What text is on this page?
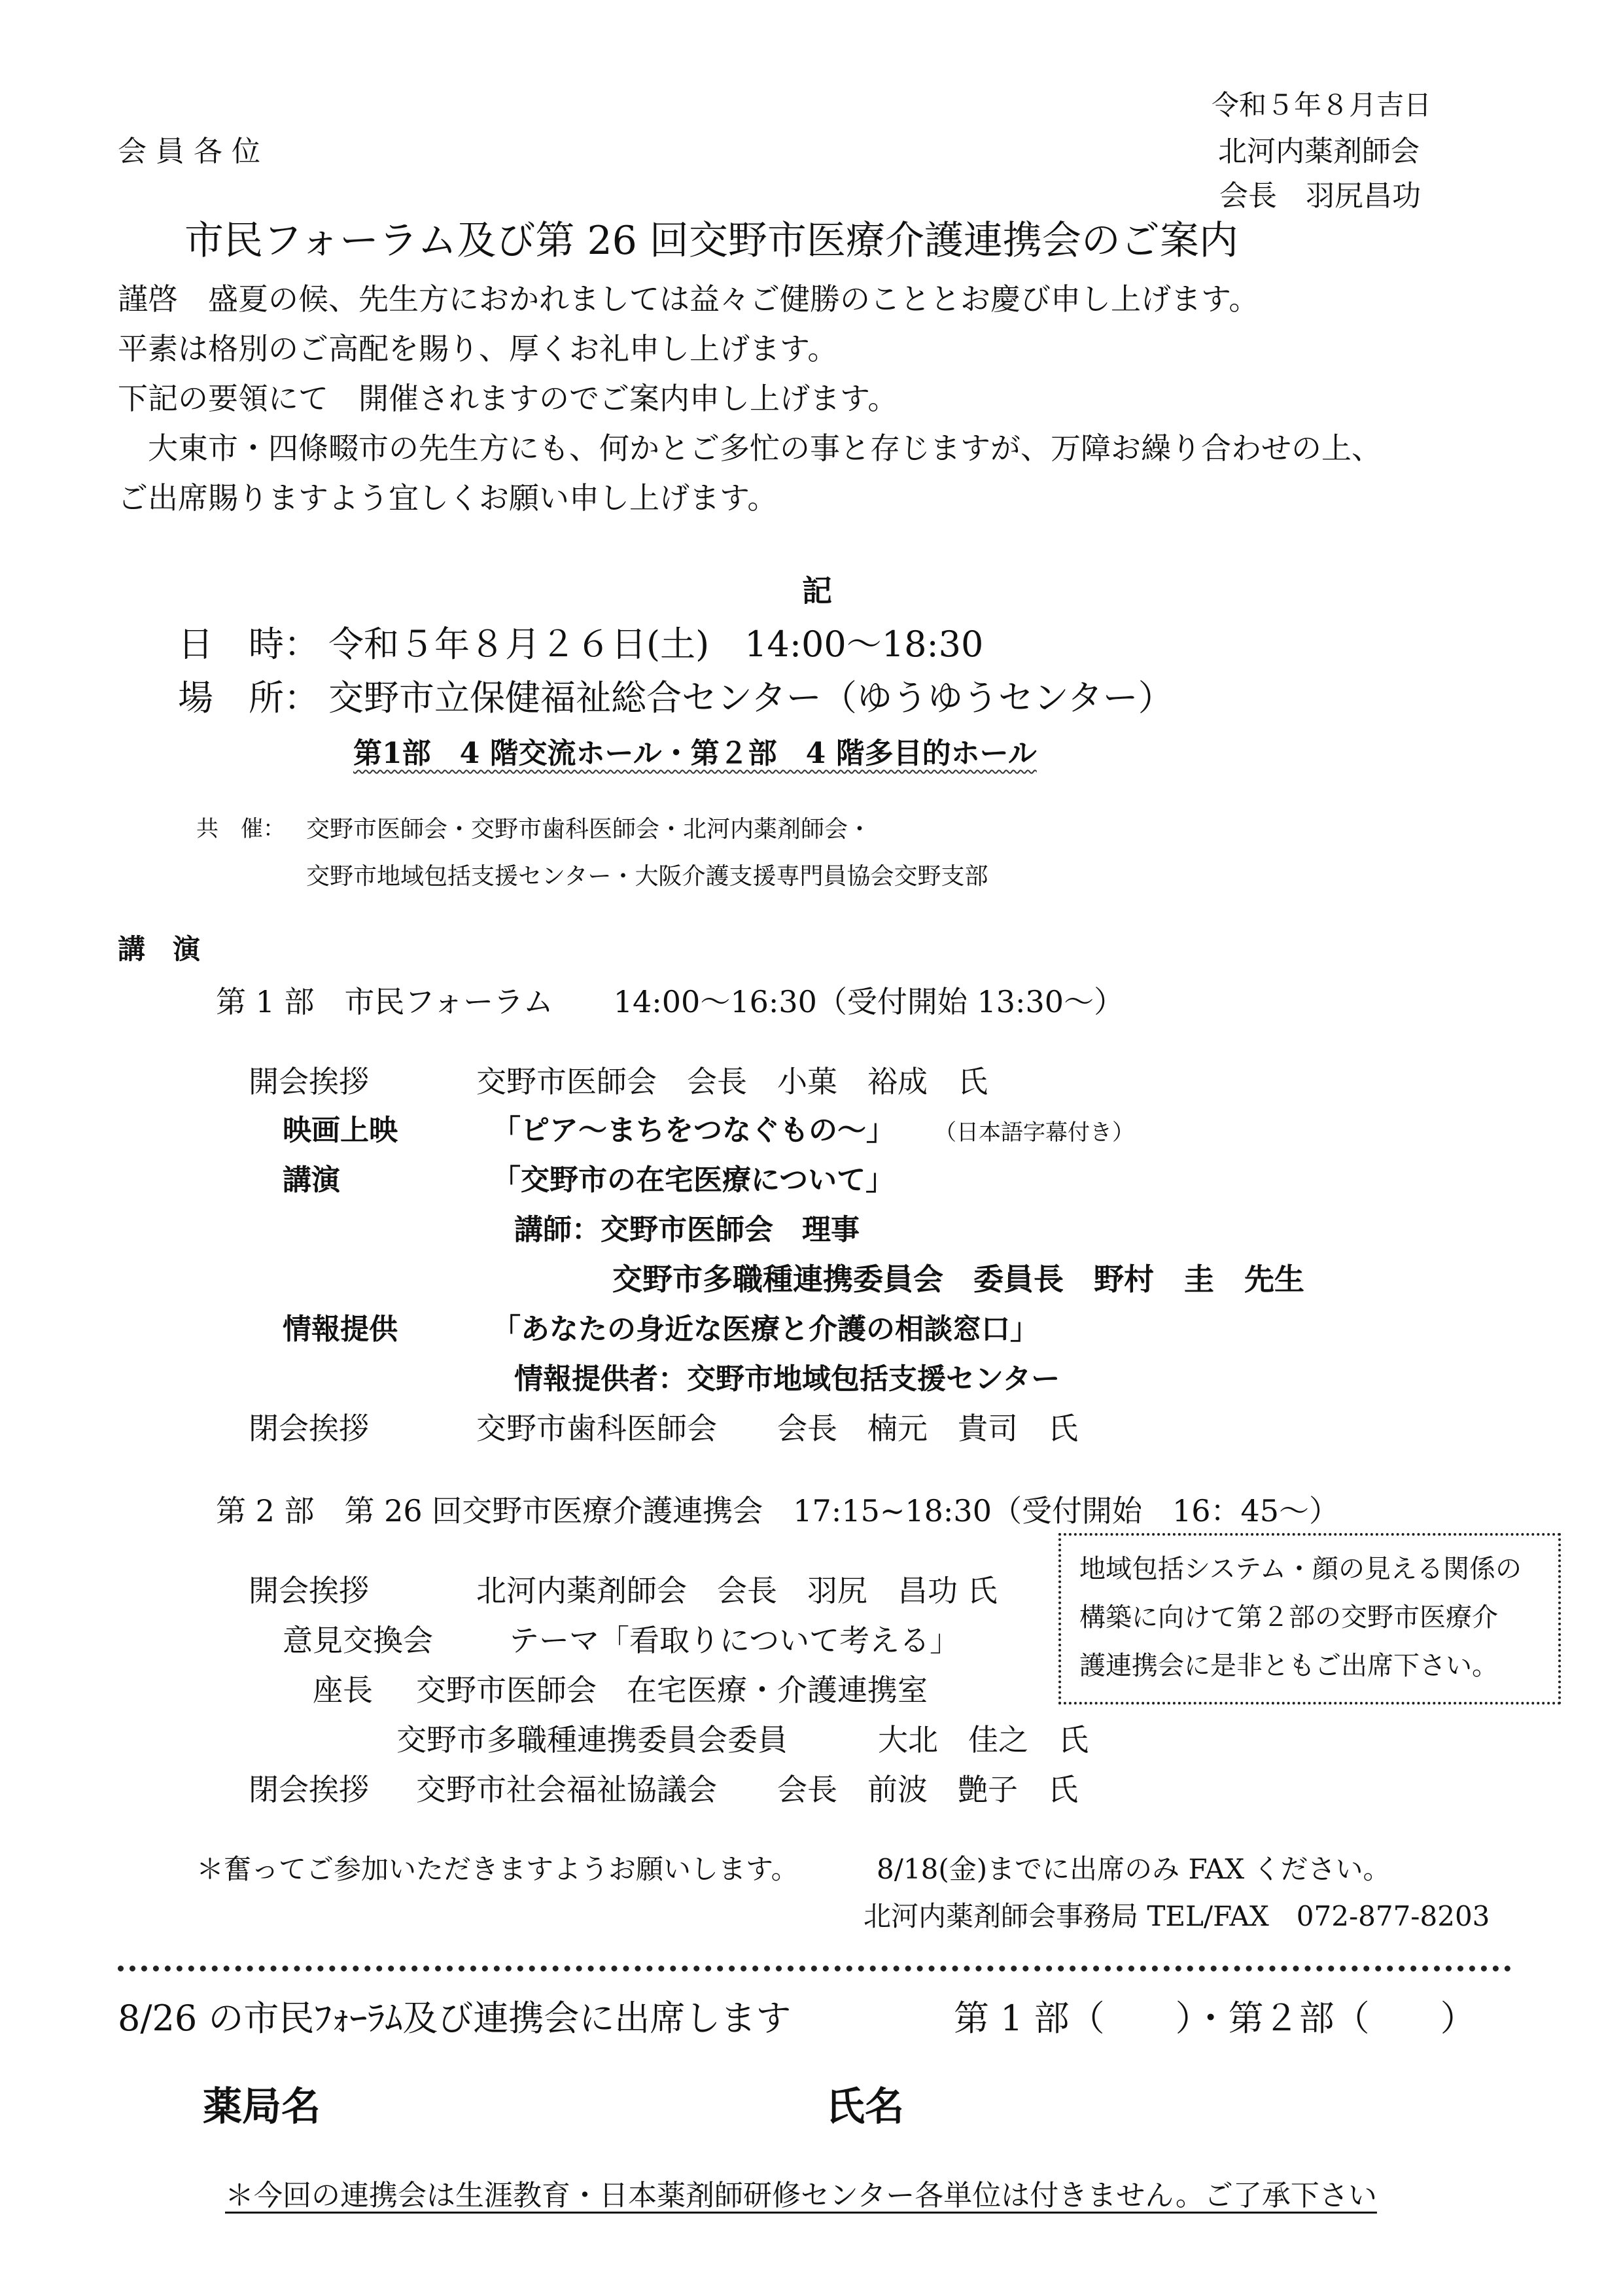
令和５年８月吉日
会員各位	北河内薬剤師会
会長　羽尻昌功
市民フォーラム及び第 26 回交野市医療介護連携会のご案内
謹啓　盛夏の候、先生方におかれましては益々ご健勝のこととお慶び申し上げます。
平素は格別のご高配を賜り、厚くお礼申し上げます。
下記の要領にて　開催されますのでご案内申し上げます。
　大東市・四條畷市の先生方にも、何かとご多忙の事と存じますが、万障お繰り合わせの上、
ご出席賜りますよう宜しくお願い申し上げます。
記
日　時： 令和５年８月２６日(土)　14:00～18:30
場　所： 交野市立保健福祉総合センター（ゆうゆうセンター）
第1部　4 階交流ホール・第２部　4 階多目的ホール
共　催： 交野市医師会・交野市歯科医師会・北河内薬剤師会・
交野市地域包括支援センター・大阪介護支援専門員協会交野支部
講　演
第 1 部　市民フォーラム　　14:00～16:30（受付開始 13:30～）
開会挨拶	交野市医師会　会長　小菓　裕成　氏
映画上映	「ピア～まちをつなぐもの～」 （日本語字幕付き）
講演	「交野市の在宅医療について」
講師：交野市医師会　理事
交野市多職種連携委員会　委員長　野村　圭　先生
情報提供	「あなたの身近な医療と介護の相談窓口」
情報提供者：交野市地域包括支援センター
閉会挨拶	交野市歯科医師会　　会長　楠元　貴司　氏
第 2 部　第 26 回交野市医療介護連携会　17:15~18:30（受付開始　16：45～）
開会挨拶	北河内薬剤師会　会長　羽尻　昌功 氏
意見交換会	テーマ「看取りについて考える」
座長 交野市医師会　在宅医療・介護連携室
交野市多職種連携委員会委員　　　大北　佳之　氏
閉会挨拶 交野市社会福祉協議会　　会長　前波　艶子　氏
地域包括システム・顔の見える関係の
構築に向けて第２部の交野市医療介
護連携会に是非ともご出席下さい。
＊奮ってご参加いただきますようお願いします。	8/18(金)までに出席のみ FAX ください。
北河内薬剤師会事務局 TEL/FAX　072-877-8203
8/26 の市民ﾌｫｰﾗﾑ及び連携会に出席します	第 1 部（　　）・第２部（　　）
薬局名	氏名
＊今回の連携会は生涯教育・日本薬剤師研修センター各単位は付きません。ご了承下さい
